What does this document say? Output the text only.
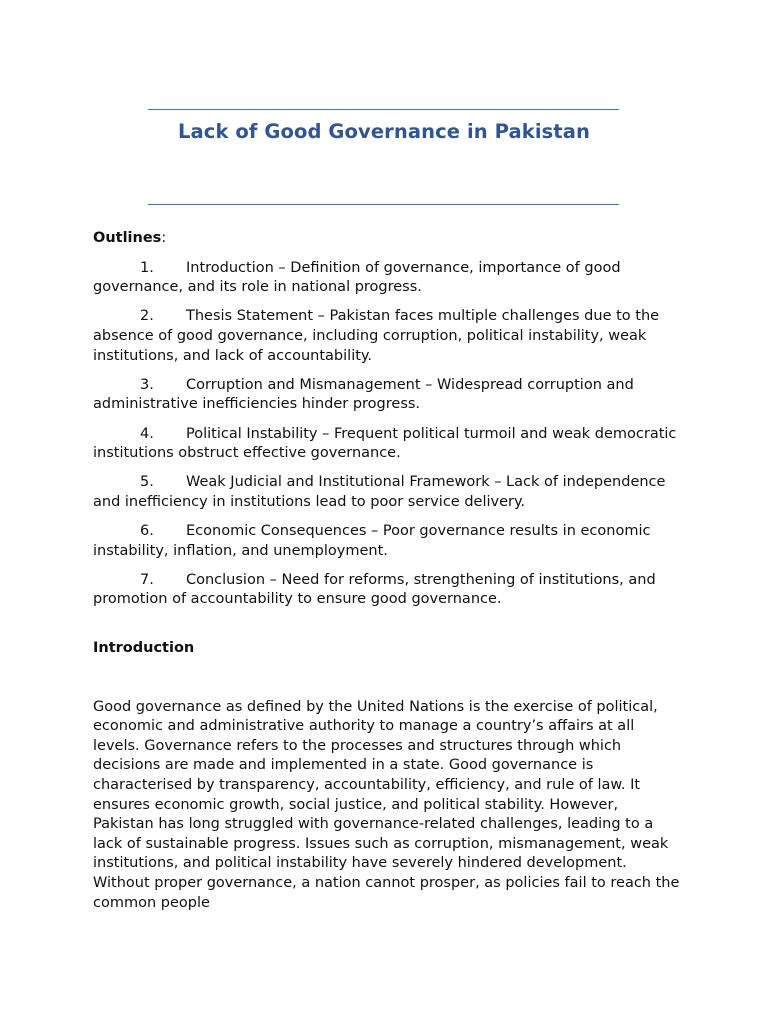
Lack of Good Governance in Pakistan

Outlines:

1. Introduction – Definition of governance, importance of good governance, and its role in national progress.

2. Thesis Statement – Pakistan faces multiple challenges due to the absence of good governance, including corruption, political instability, weak institutions, and lack of accountability.

3. Corruption and Mismanagement – Widespread corruption and administrative inefficiencies hinder progress.

4. Political Instability – Frequent political turmoil and weak democratic institutions obstruct effective governance.

5. Weak Judicial and Institutional Framework – Lack of independence and inefficiency in institutions lead to poor service delivery.

6. Economic Consequences – Poor governance results in economic instability, inflation, and unemployment.

7. Conclusion – Need for reforms, strengthening of institutions, and promotion of accountability to ensure good governance.

Introduction

Good governance as defined by the United Nations is the exercise of political, economic and administrative authority to manage a country’s affairs at all levels. Governance refers to the processes and structures through which decisions are made and implemented in a state. Good governance is characterised by transparency, accountability, efficiency, and rule of law. It ensures economic growth, social justice, and political stability. However, Pakistan has long struggled with governance-related challenges, leading to a lack of sustainable progress. Issues such as corruption, mismanagement, weak institutions, and political instability have severely hindered development. Without proper governance, a nation cannot prosper, as policies fail to reach the common people
